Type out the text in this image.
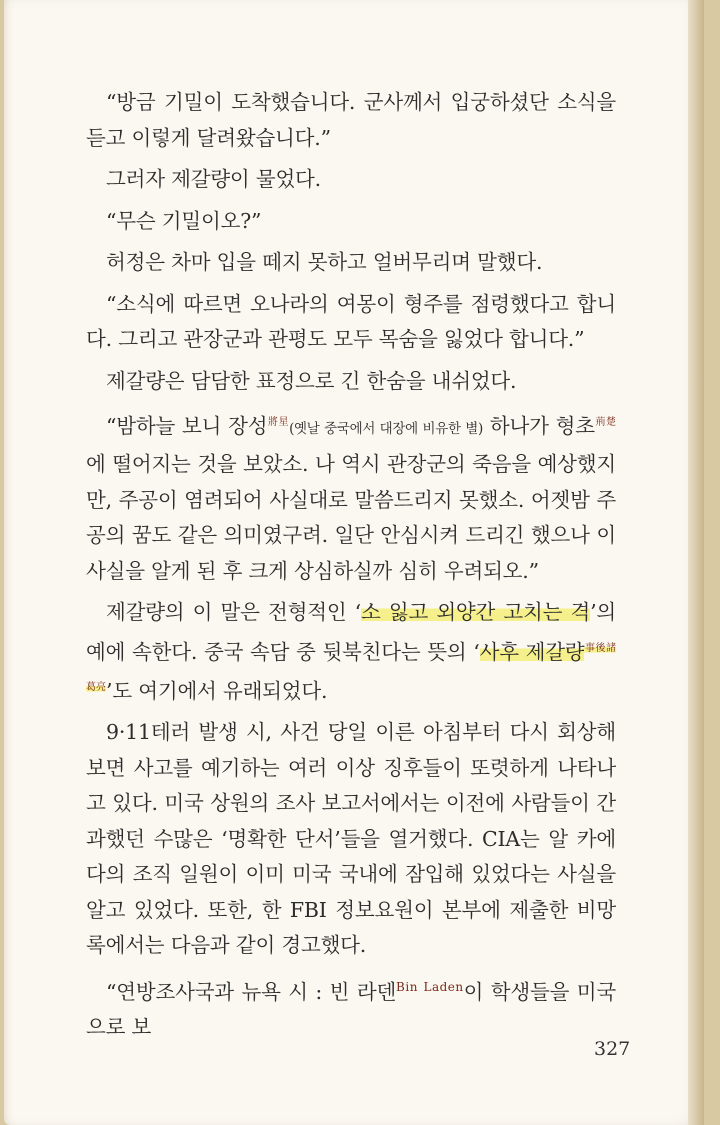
“방금 기밀이 도착했습니다. 군사께서 입궁하셨단 소식을 듣고 이렇게 달려왔습니다.”

그러자 제갈량이 물었다.

“무슨 기밀이오?”

허정은 차마 입을 떼지 못하고 얼버무리며 말했다.

“소식에 따르면 오나라의 여몽이 형주를 점령했다고 합니다. 그리고 관장군과 관평도 모두 목숨을 잃었다 합니다.”

제갈량은 담담한 표정으로 긴 한숨을 내쉬었다.

“밤하늘 보니 장성$^{將星}$(옛날 중국에서 대장에 비유한 별) 하나가 형초$^{荊楚}$에 떨어지는 것을 보았소. 나 역시 관장군의 죽음을 예상했지만, 주공이 염려되어 사실대로 말씀드리지 못했소. 어젯밤 주공의 꿈도 같은 의미였구려. 일단 안심시켜 드리긴 했으나 이 사실을 알게 된 후 크게 상심하실까 심히 우려되오.”

제갈량의 이 말은 전형적인 ‘소 잃고 외양간 고치는 격’의 예에 속한다. 중국 속담 중 뒷북친다는 뜻의 ‘사후 제갈량$^{事後諸葛亮}$’도 여기에서 유래되었다.

9·11테러 발생 시, 사건 당일 이른 아침부터 다시 회상해보면 사고를 예기하는 여러 이상 징후들이 또렷하게 나타나고 있다. 미국 상원의 조사 보고서에서는 이전에 사람들이 간과했던 수많은 ‘명확한 단서’들을 열거했다. CIA는 알 카에다의 조직 일원이 이미 미국 국내에 잠입해 있었다는 사실을 알고 있었다. 또한, 한 FBI 정보요원이 본부에 제출한 비망록에서는 다음과 같이 경고했다.

“연방조사국과 뉴욕 시 : 빈 라덴$^{Bin Laden}$이 학생들을 미국으로 보

327
